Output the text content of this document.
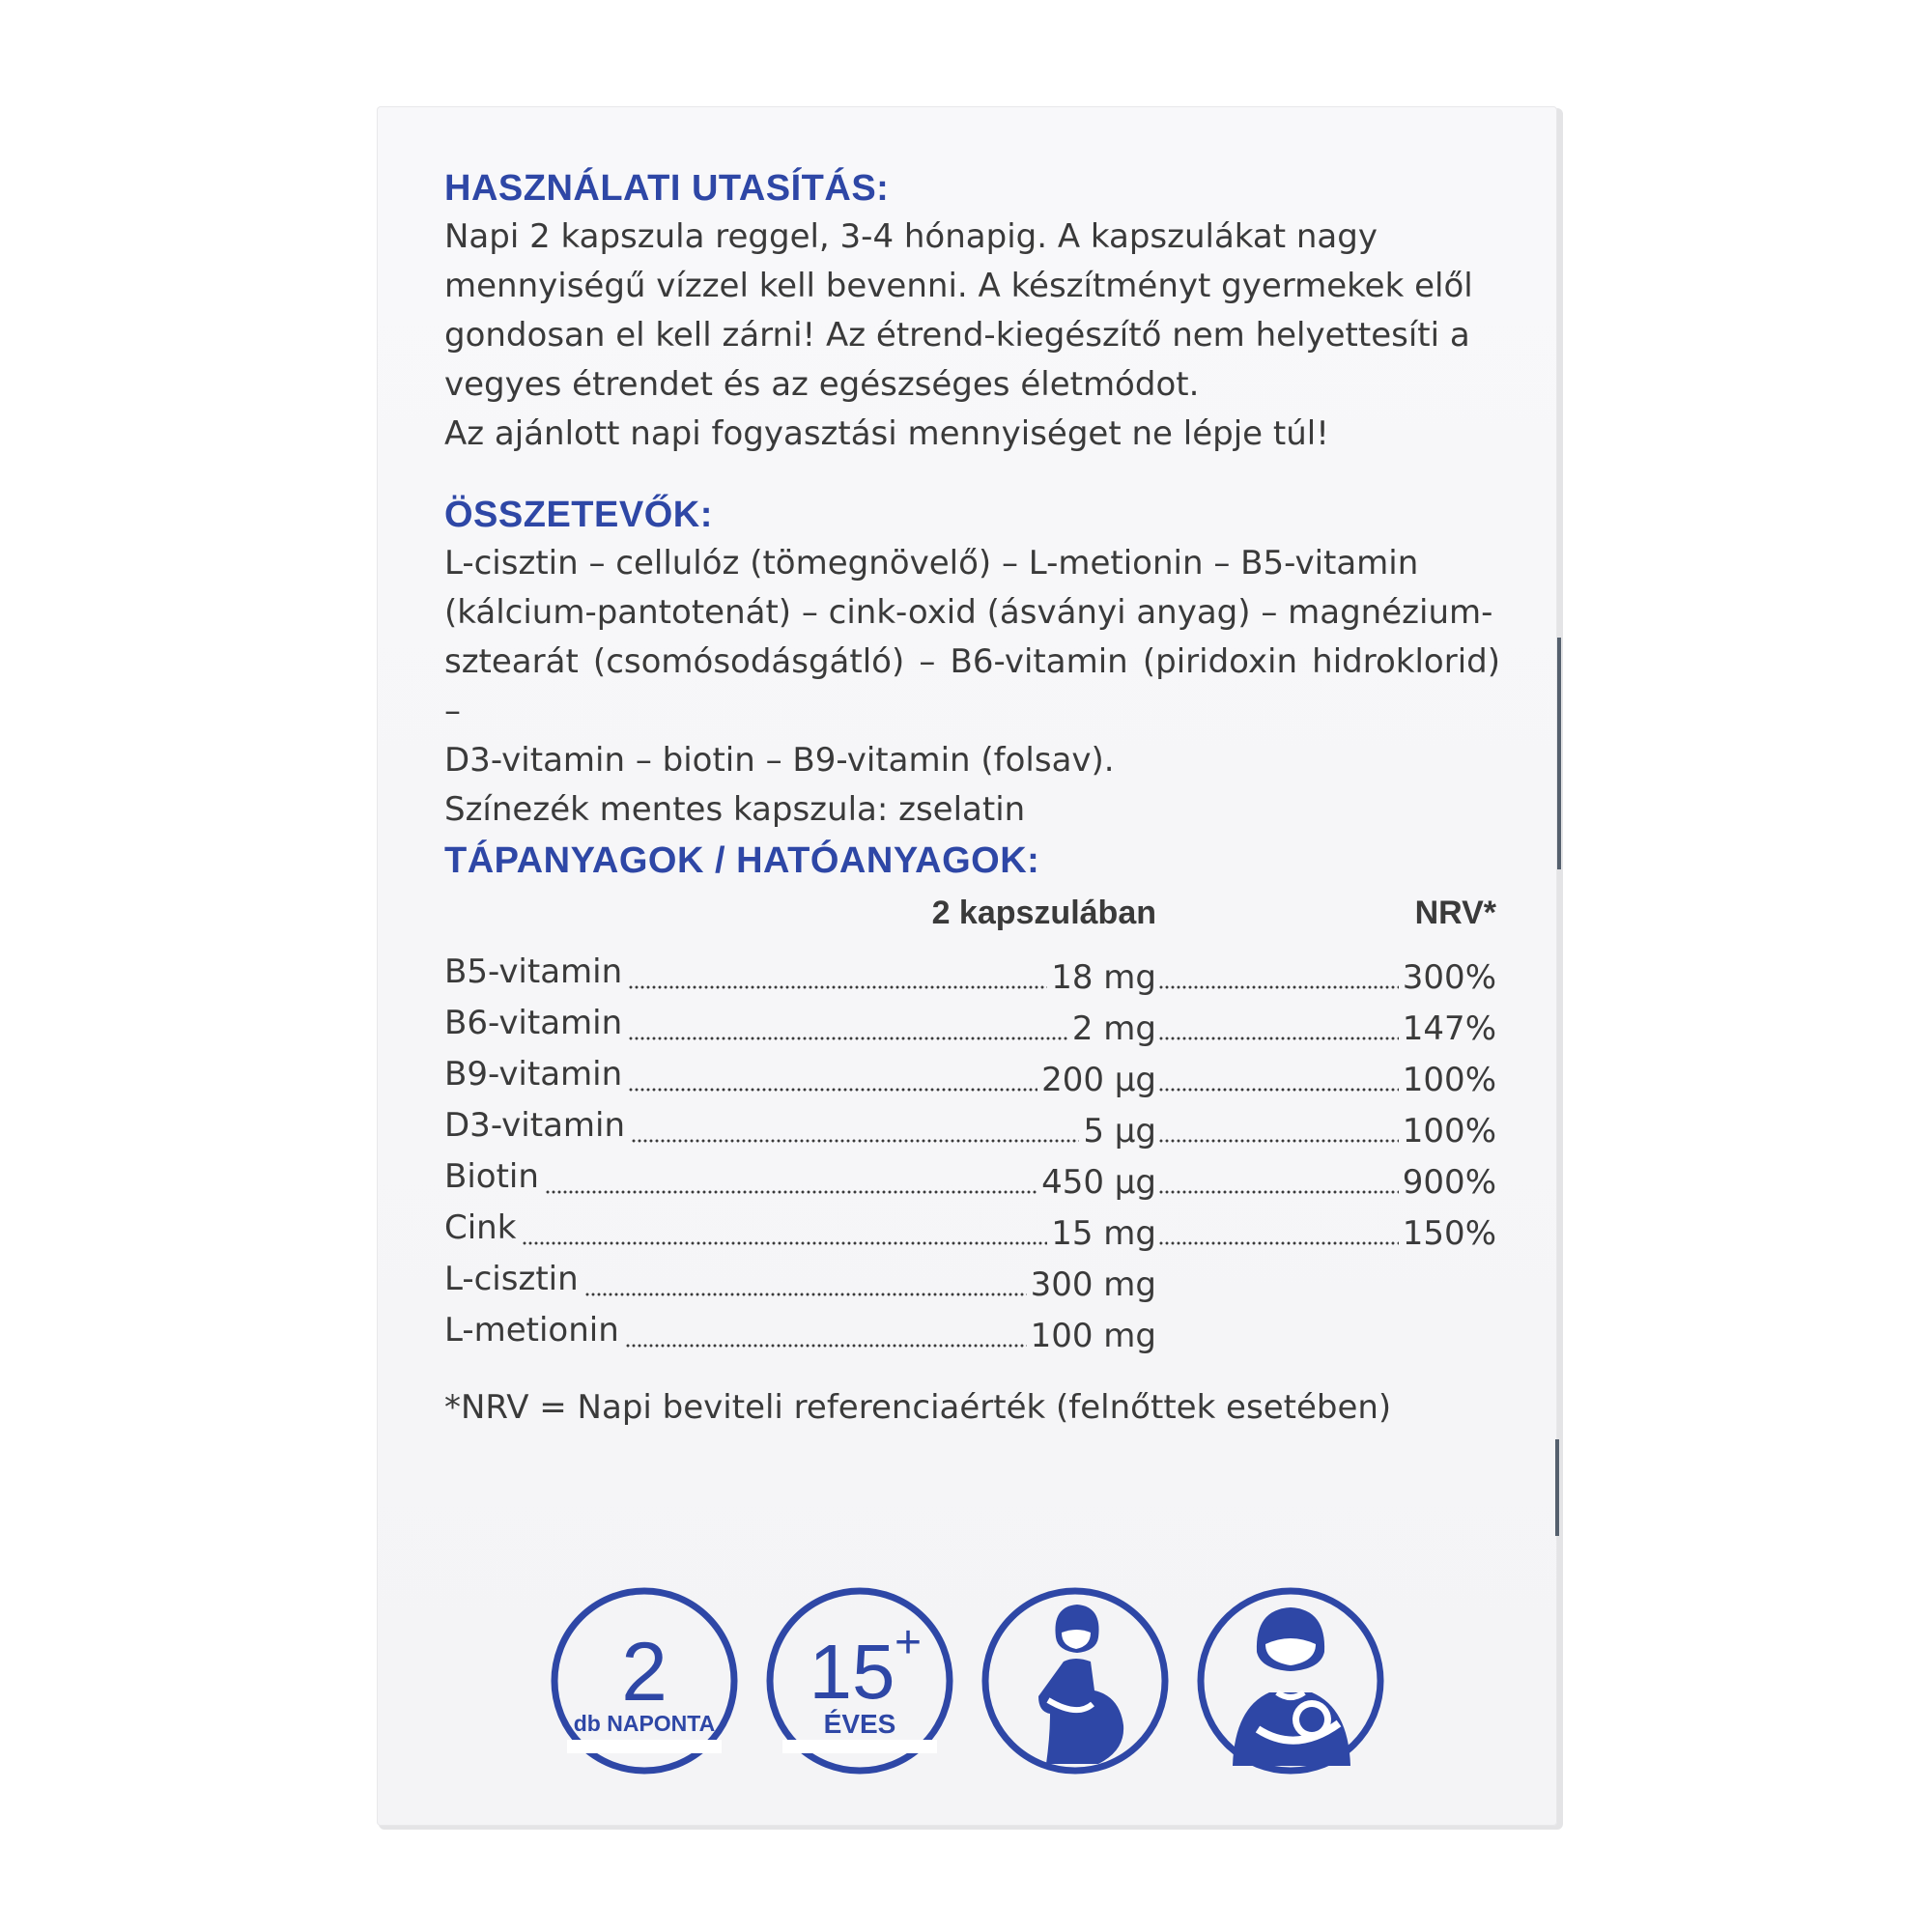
HASZNÁLATI UTASÍTÁS:

Napi 2 kapszula reggel, 3-4 hónapig. A kapszulákat nagy

mennyiségű vízzel kell bevenni. A készítményt gyermekek elől

gondosan el kell zárni! Az étrend-kiegészítő nem helyettesíti a

vegyes étrendet és az egészséges életmódot.
Az ajánlott napi fogyasztási mennyiséget ne lépje túl!
ÖSSZETEVŐK:

L-cisztin – cellulóz (tömegnövelő) – L-metionin – B5-vitamin

(kálcium-pantotenát) – cink-oxid (ásványi anyag) – magnézium-

sztearát (csomósodásgátló) – B6-vitamin (piridoxin hidroklorid) –

D3-vitamin – biotin – B9-vitamin (folsav).
Színezék mentes kapszula: zselatin
TÁPANYAGOK / HATÓANYAGOK:
2 kapszulában	NRV*
B5-vitamin	18 mg	300%
B6-vitamin	2 mg	147%
B9-vitamin	200 µg	100%
D3-vitamin	5 µg	100%
Biotin	450 µg	900%
Cink	15 mg	150%
L-cisztin	300 mg
L-metionin	100 mg
*NRV = Napi beviteli referenciaérték (felnőttek esetében)
2
db NAPONTA
15 +
ÉVES
